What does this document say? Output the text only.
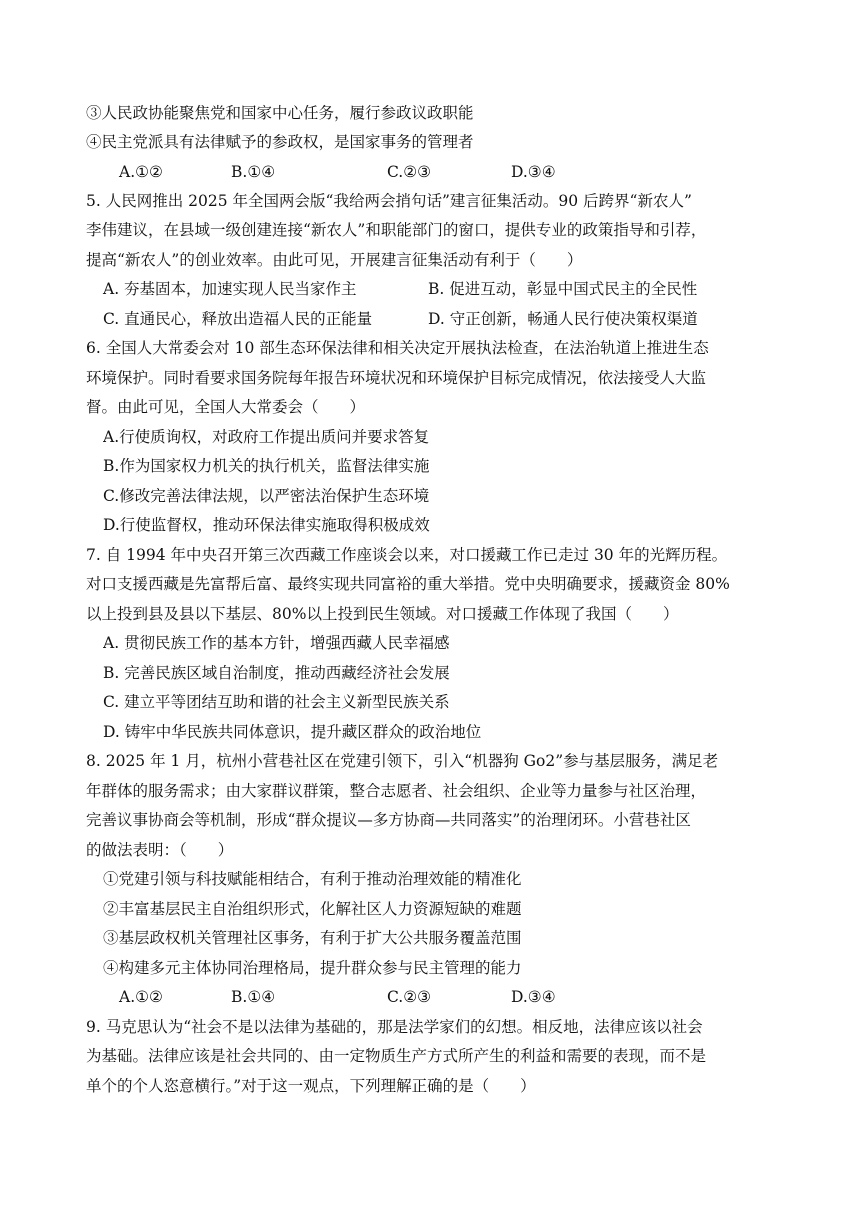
③人民政协能聚焦党和国家中心任务，履行参政议政职能
④民主党派具有法律赋予的参政权，是国家事务的管理者
A.①②	B.①④	C.②③	D.③④
5. 人民网推出 2025 年全国两会版“我给两会捎句话”建言征集活动。90 后跨界“新农人”
李伟建议，在县域一级创建连接“新农人”和职能部门的窗口，提供专业的政策指导和引荐，
提高“新农人”的创业效率。由此可见，开展建言征集活动有利于（　　）
A. 夯基固本，加速实现人民当家作主	B. 促进互动，彰显中国式民主的全民性
C. 直通民心，释放出造福人民的正能量	D. 守正创新，畅通人民行使决策权渠道
6. 全国人大常委会对 10 部生态环保法律和相关决定开展执法检查，在法治轨道上推进生态
环境保护。同时看要求国务院每年报告环境状况和环境保护目标完成情况，依法接受人大监
督。由此可见，全国人大常委会（　　）
A.行使质询权，对政府工作提出质问并要求答复
B.作为国家权力机关的执行机关，监督法律实施
C.修改完善法律法规，以严密法治保护生态环境
D.行使监督权，推动环保法律实施取得积极成效
7. 自 1994 年中央召开第三次西藏工作座谈会以来，对口援藏工作已走过 30 年的光辉历程。
对口支援西藏是先富帮后富、最终实现共同富裕的重大举措。党中央明确要求，援藏资金 80%
以上投到县及县以下基层、80%以上投到民生领域。对口援藏工作体现了我国（　　）
A. 贯彻民族工作的基本方针，增强西藏人民幸福感
B. 完善民族区域自治制度，推动西藏经济社会发展
C. 建立平等团结互助和谐的社会主义新型民族关系
D. 铸牢中华民族共同体意识，提升藏区群众的政治地位
8. 2025 年 1 月，杭州小营巷社区在党建引领下，引入“机器狗 Go2”参与基层服务，满足老
年群体的服务需求；由大家群议群策，整合志愿者、社会组织、企业等力量参与社区治理，
完善议事协商会等机制，形成“群众提议—多方协商—共同落实”的治理闭环。小营巷社区
的做法表明：（　　）
①党建引领与科技赋能相结合，有利于推动治理效能的精准化
②丰富基层民主自治组织形式，化解社区人力资源短缺的难题
③基层政权机关管理社区事务，有利于扩大公共服务覆盖范围
④构建多元主体协同治理格局，提升群众参与民主管理的能力
A.①②	B.①④	C.②③	D.③④
9. 马克思认为“社会不是以法律为基础的，那是法学家们的幻想。相反地，法律应该以社会
为基础。法律应该是社会共同的、由一定物质生产方式所产生的利益和需要的表现，而不是
单个的个人恣意横行。”对于这一观点，下列理解正确的是（　　）
